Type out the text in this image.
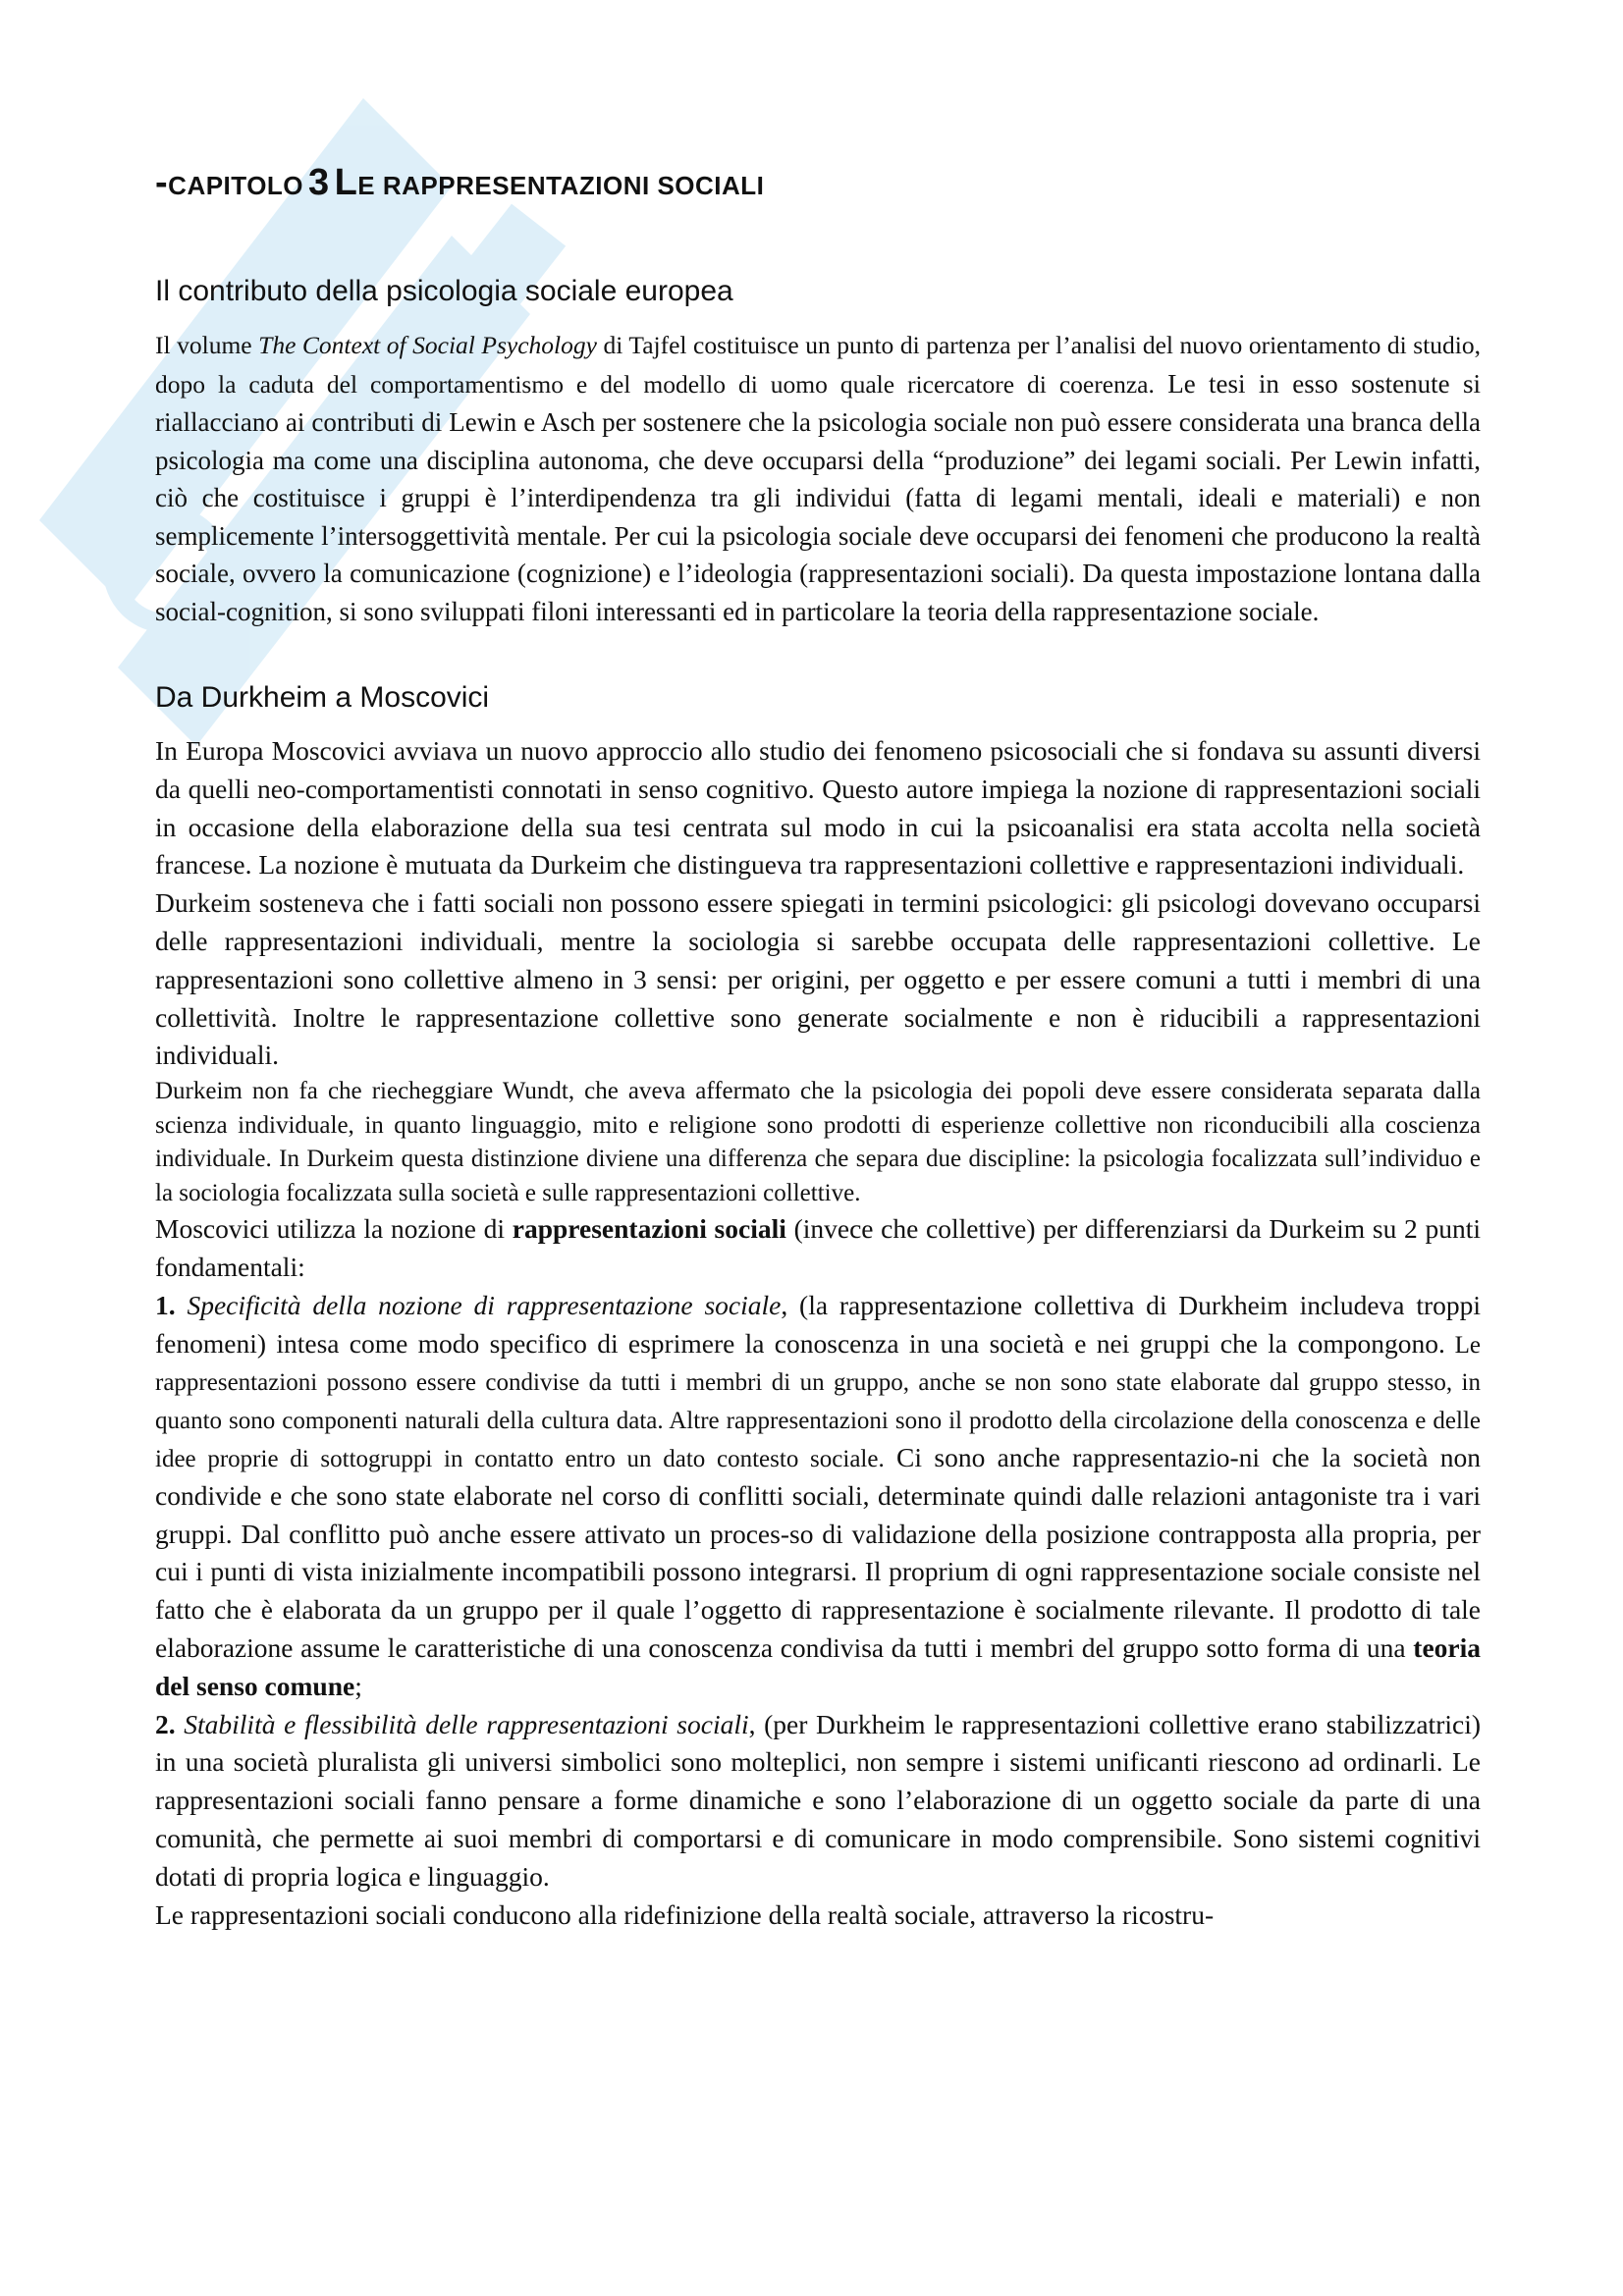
-CAPITOLO 3 LE RAPPRESENTAZIONI SOCIALI
Il contributo della psicologia sociale europea

Il volume The Context of Social Psychology di Tajfel costituisce un punto di partenza per l’analisi del nuovo orientamento di studio, dopo la caduta del comportamentismo e del modello di uomo quale ricercatore di coerenza. Le tesi in esso sostenute si riallacciano ai contributi di Lewin e Asch per sostenere che la psicologia sociale non può essere considerata una branca della psicologia ma come una disciplina autonoma, che deve occuparsi della “produzione” dei legami sociali. Per Lewin infatti, ciò che costituisce i gruppi è l’interdipendenza tra gli individui (fatta di legami mentali, ideali e materiali) e non semplicemente l’intersoggettività mentale. Per cui la psicologia sociale deve occuparsi dei fenomeni che producono la realtà sociale, ovvero la comunicazione (cognizione) e l’ideologia (rappresentazioni sociali). Da questa impostazione lontana dalla social-cognition, si sono sviluppati filoni interessanti ed in particolare la teoria della rappresentazione sociale.

Da Durkheim a Moscovici

In Europa Moscovici avviava un nuovo approccio allo studio dei fenomeno psicosociali che si fondava su assunti diversi da quelli neo-comportamentisti connotati in senso cognitivo. Questo autore impiega la nozione di rappresentazioni sociali in occasione della elaborazione della sua tesi centrata sul modo in cui la psicoanalisi era stata accolta nella società francese. La nozione è mutuata da Durkeim che distingueva tra rappresentazioni collettive e rappresentazioni individuali.

Durkeim sosteneva che i fatti sociali non possono essere spiegati in termini psicologici: gli psicologi dovevano occuparsi delle rappresentazioni individuali, mentre la sociologia si sarebbe occupata delle rappresentazioni collettive. Le rappresentazioni sono collettive almeno in 3 sensi: per origini, per oggetto e per essere comuni a tutti i membri di una collettività. Inoltre le rappresentazione collettive sono generate socialmente e non è riducibili a rappresentazioni individuali.

Durkeim non fa che riecheggiare Wundt, che aveva affermato che la psicologia dei popoli deve essere considerata separata dalla scienza individuale, in quanto linguaggio, mito e religione sono prodotti di esperienze collettive non riconducibili alla coscienza individuale. In Durkeim questa distinzione diviene una differenza che separa due discipline: la psicologia focalizzata sull’individuo e la sociologia focalizzata sulla società e sulle rappresentazioni collettive.

Moscovici utilizza la nozione di rappresentazioni sociali (invece che collettive) per differenziarsi da Durkeim su 2 punti fondamentali:

1. Specificità della nozione di rappresentazione sociale, (la rappresentazione collettiva di Durkheim includeva troppi fenomeni) intesa come modo specifico di esprimere la conoscenza in una società e nei gruppi che la compongono. Le rappresentazioni possono essere condivise da tutti i membri di un gruppo, anche se non sono state elaborate dal gruppo stesso, in quanto sono componenti naturali della cultura data. Altre rappresentazioni sono il prodotto della circolazione della conoscenza e delle idee proprie di sottogruppi in contatto entro un dato contesto sociale. Ci sono anche rappresentazio-ni che la società non condivide e che sono state elaborate nel corso di conflitti sociali, determinate quindi dalle relazioni antagoniste tra i vari gruppi. Dal conflitto può anche essere attivato un proces-so di validazione della posizione contrapposta alla propria, per cui i punti di vista inizialmente incompatibili possono integrarsi. Il proprium di ogni rappresentazione sociale consiste nel fatto che è elaborata da un gruppo per il quale l’oggetto di rappresentazione è socialmente rilevante. Il prodotto di tale elaborazione assume le caratteristiche di una conoscenza condivisa da tutti i membri del gruppo sotto forma di una teoria del senso comune;

2. Stabilità e flessibilità delle rappresentazioni sociali, (per Durkheim le rappresentazioni collettive erano stabilizzatrici) in una società pluralista gli universi simbolici sono molteplici, non sempre i sistemi unificanti riescono ad ordinarli. Le rappresentazioni sociali fanno pensare a forme dinamiche e sono l’elaborazione di un oggetto sociale da parte di una comunità, che permette ai suoi membri di comportarsi e di comunicare in modo comprensibile. Sono sistemi cognitivi dotati di propria logica e linguaggio.

Le rappresentazioni sociali conducono alla ridefinizione della realtà sociale, attraverso la ricostru-
